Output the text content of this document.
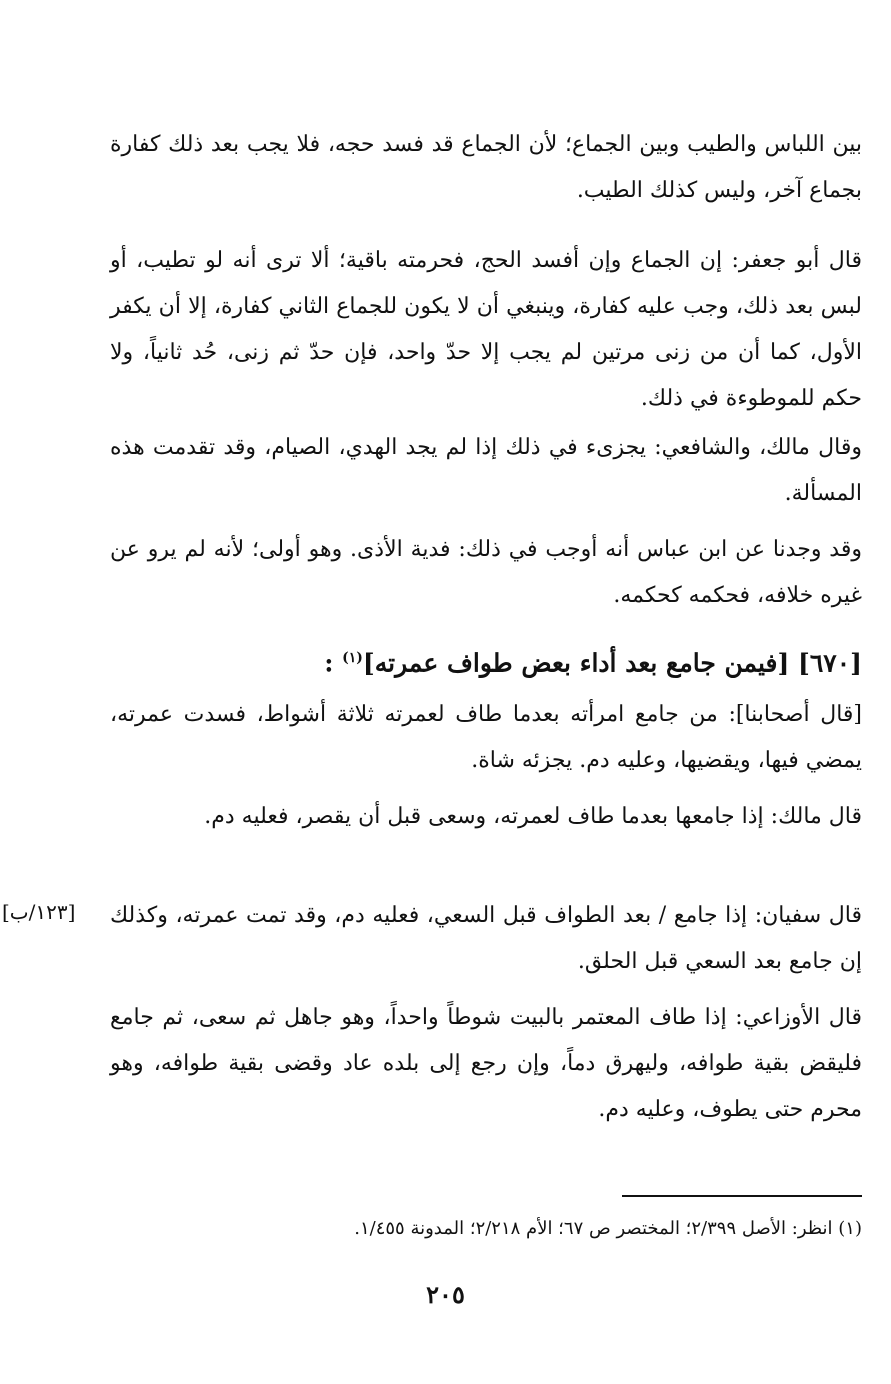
بين اللباس والطيب وبين الجماع؛ لأن الجماع قد فسد حجه، فلا يجب بعد ذلك كفارة بجماع آخر، وليس كذلك الطيب.

قال أبو جعفر: إن الجماع وإن أفسد الحج، فحرمته باقية؛ ألا ترى أنه لو تطيب، أو لبس بعد ذلك، وجب عليه كفارة، وينبغي أن لا يكون للجماع الثاني كفارة، إلا أن يكفر الأول، كما أن من زنى مرتين لم يجب إلا حدّ واحد، فإن حدّ ثم زنى، حُد ثانياً، ولا حكم للموطوءة في ذلك.

وقال مالك، والشافعي: يجزىء في ذلك إذا لم يجد الهدي، الصيام، وقد تقدمت هذه المسألة.

وقد وجدنا عن ابن عباس أنه أوجب في ذلك: فدية الأذى. وهو أولى؛ لأنه لم يرو عن غيره خلافه، فحكمه كحكمه.

[٦٧٠] [فيمن جامع بعد أداء بعض طواف عمرته]$^{(١)}$ :

[قال أصحابنا]: من جامع امرأته بعدما طاف لعمرته ثلاثة أشواط، فسدت عمرته، يمضي فيها، ويقضيها، وعليه دم. يجزئه شاة.

قال مالك: إذا جامعها بعدما طاف لعمرته، وسعى قبل أن يقصر، فعليه دم.

قال سفيان: إذا جامع / بعد الطواف قبل السعي، فعليه دم، وقد تمت عمرته، وكذلك إن جامع بعد السعي قبل الحلق.

[١٢٣/ب]

قال الأوزاعي: إذا طاف المعتمر بالبيت شوطاً واحداً، وهو جاهل ثم سعى، ثم جامع فليقض بقية طوافه، وليهرق دماً، وإن رجع إلى بلده عاد وقضى بقية طوافه، وهو محرم حتى يطوف، وعليه دم.

(١) انظر: الأصل ٢/٣٩٩؛ المختصر ص ٦٧؛ الأم ٢/٢١٨؛ المدونة ١/٤٥٥.
٢٠٥
